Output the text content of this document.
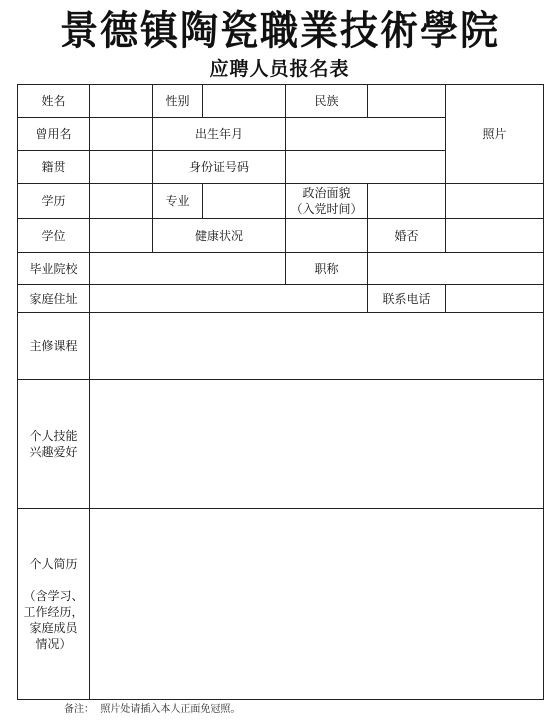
景德镇陶瓷職業技術學院
应聘人员报名表
姓名		性别		民族		照片
曾用名		出生年月				
籍贯		身份证号码				
学历		专业		政治面貌
（入党时间）		

学位		健康状况			婚否	
毕业院校				职称		
家庭住址					联系电话	
主修课程						

个人技能
兴趣爱好						

个人简历
（含学习、
工作经历，
家庭成员
情况）						

备注：  照片处请插入本人正面免冠照。
